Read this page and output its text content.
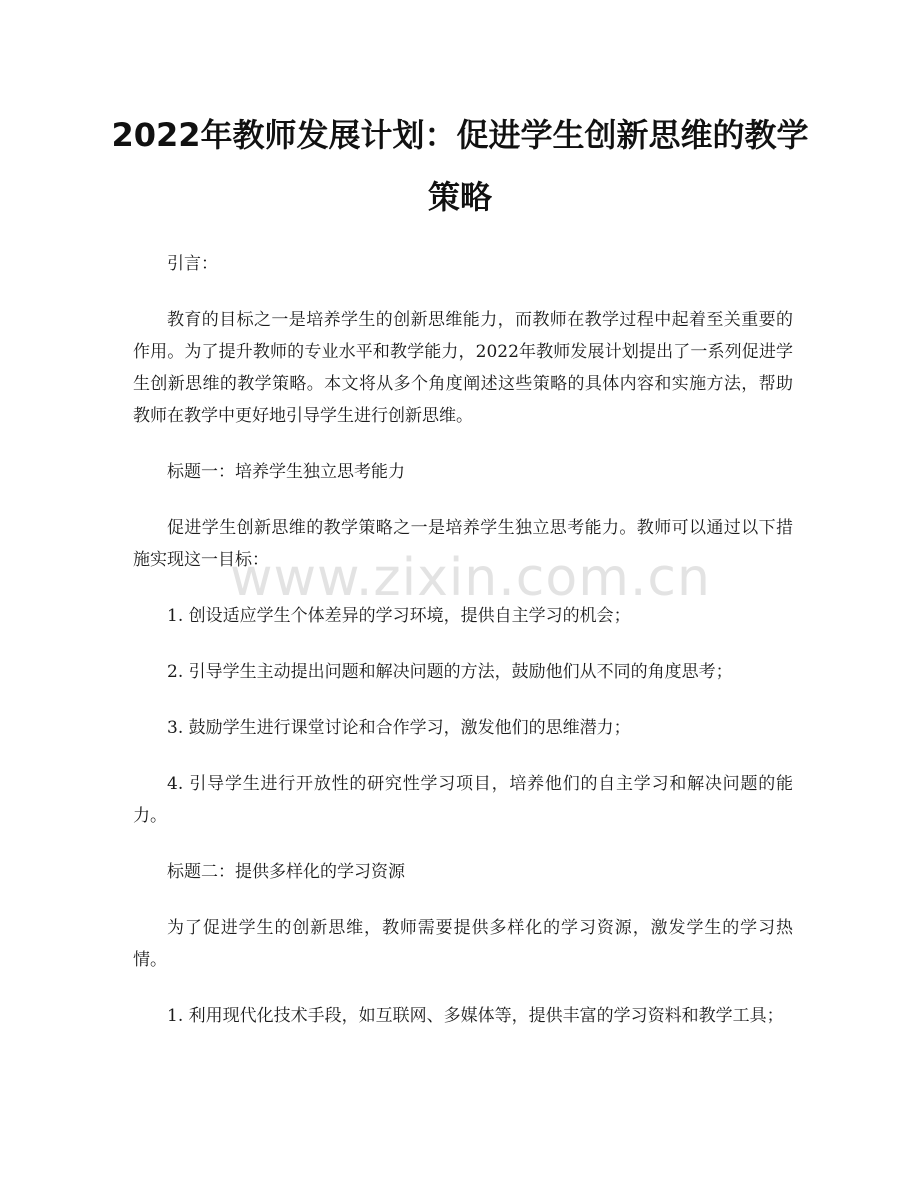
www.zixin.com.cn
2022年教师发展计划：促进学生创新思维的教学策略

引言：

教育的目标之一是培养学生的创新思维能力，而教师在教学过程中起着至关重要的作用。为了提升教师的专业水平和教学能力，2022年教师发展计划提出了一系列促进学生创新思维的教学策略。本文将从多个角度阐述这些策略的具体内容和实施方法，帮助教师在教学中更好地引导学生进行创新思维。

标题一：培养学生独立思考能力

促进学生创新思维的教学策略之一是培养学生独立思考能力。教师可以通过以下措施实现这一目标：

1. 创设适应学生个体差异的学习环境，提供自主学习的机会；

2. 引导学生主动提出问题和解决问题的方法，鼓励他们从不同的角度思考；

3. 鼓励学生进行课堂讨论和合作学习，激发他们的思维潜力；

4. 引导学生进行开放性的研究性学习项目，培养他们的自主学习和解决问题的能力。

标题二：提供多样化的学习资源

为了促进学生的创新思维，教师需要提供多样化的学习资源，激发学生的学习热情。

1. 利用现代化技术手段，如互联网、多媒体等，提供丰富的学习资料和教学工具；
